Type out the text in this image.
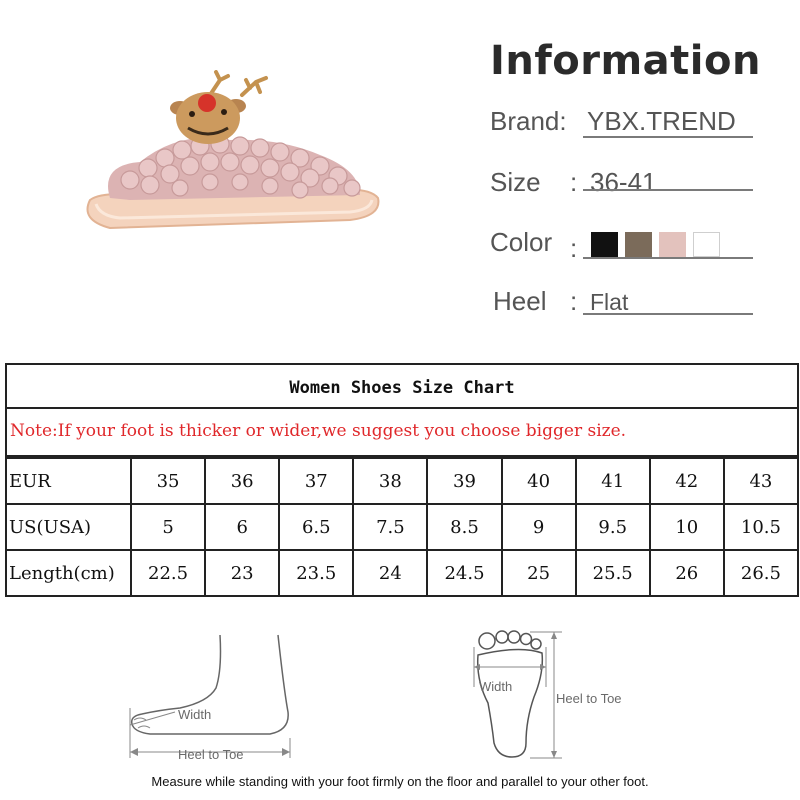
Information
Brand: YBX.TREND
Size : 36-41
Color :
Heel : Flat
Women Shoes Size Chart
Note:If your foot is thicker or wider,we suggest you choose bigger size.
EUR	35	36	37	38	39	40	41	42	43
US(USA)	5	6	6.5	7.5	8.5	9	9.5	10	10.5
Length(cm)	22.5	23	23.5	24	24.5	25	25.5	26	26.5
Width
Heel to Toe
Width
Heel to Toe
Measure while standing with your foot firmly on the floor and parallel to your other foot.
